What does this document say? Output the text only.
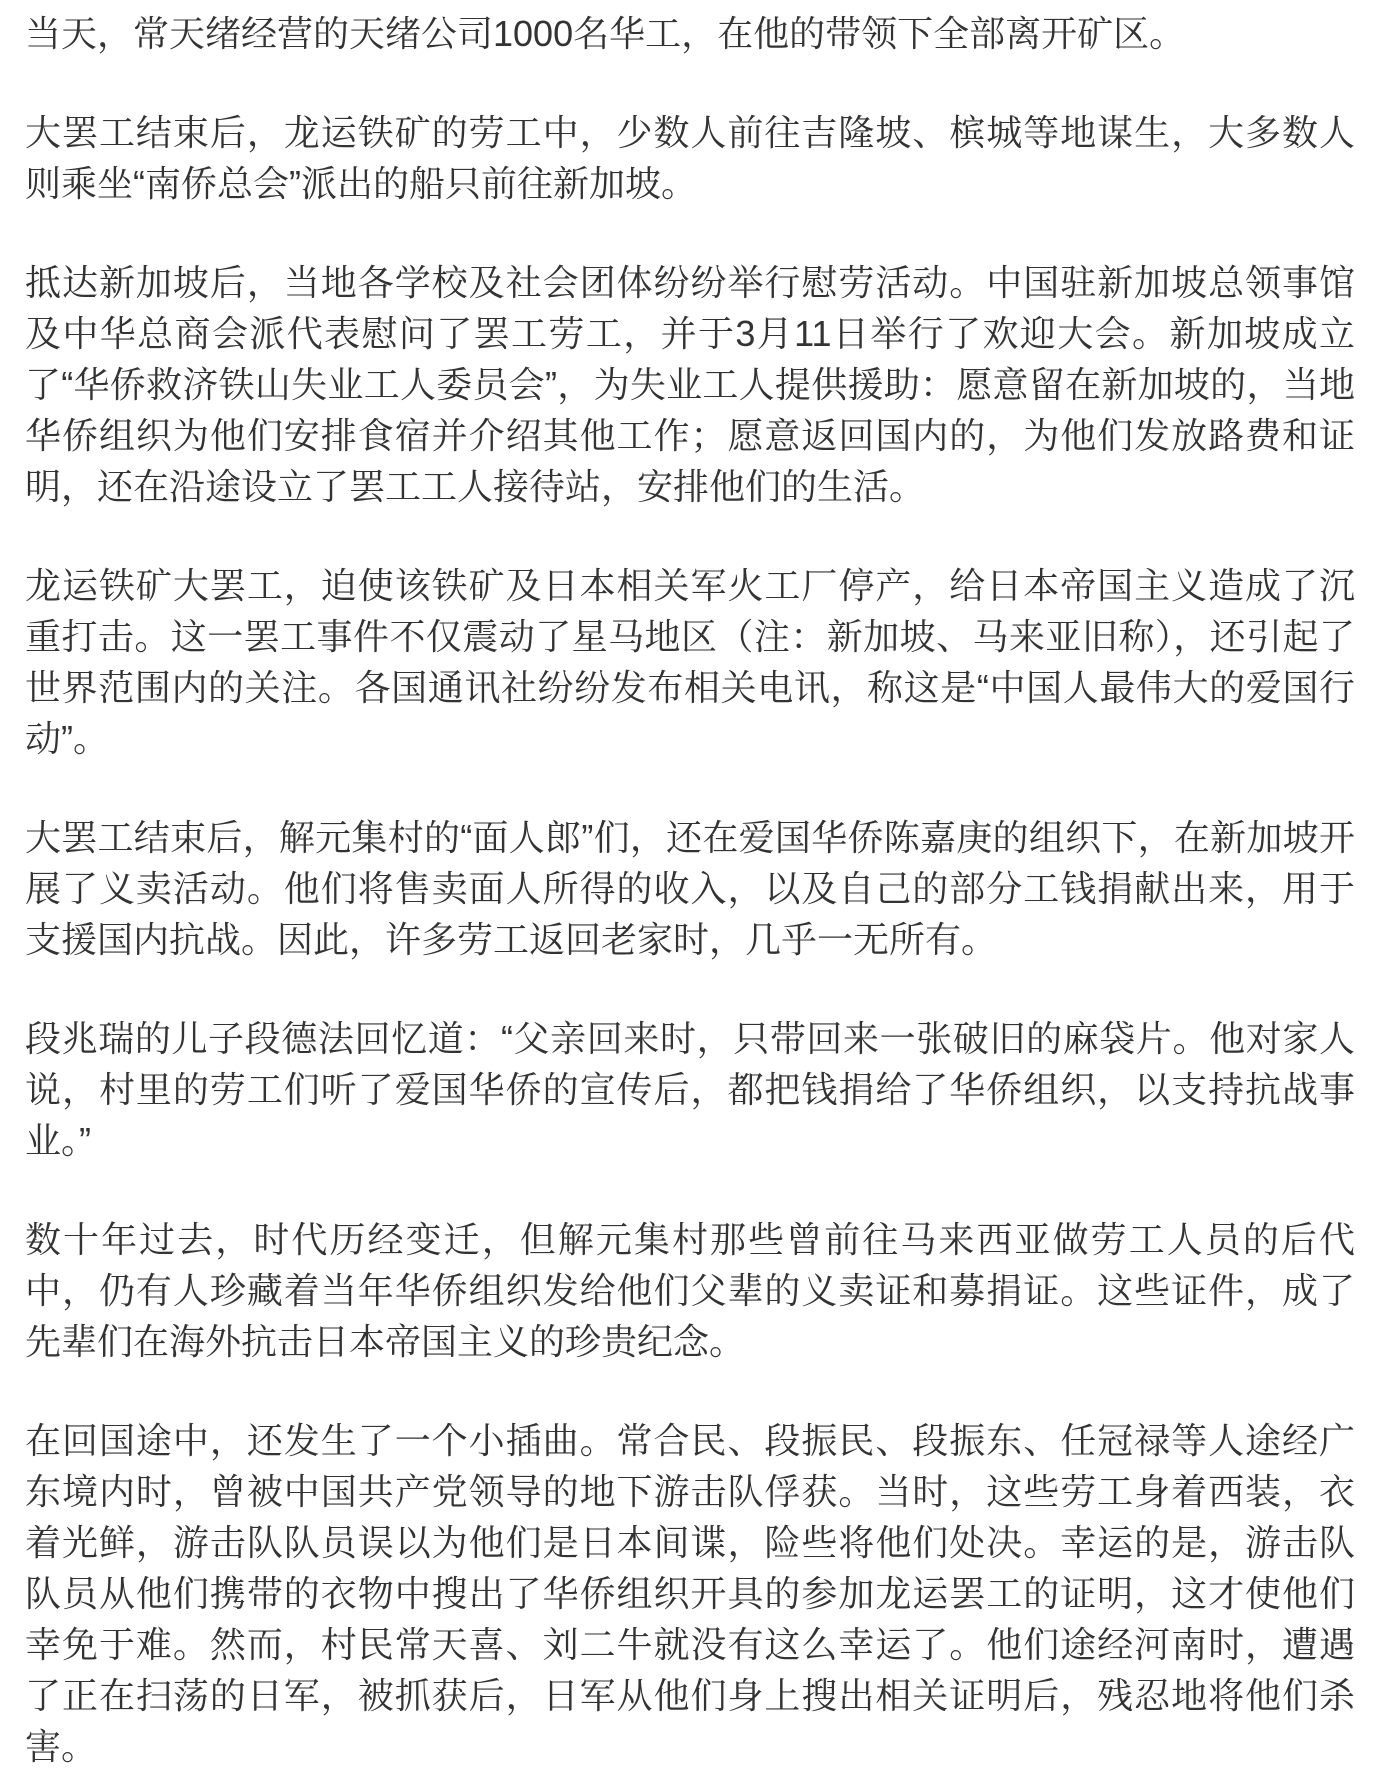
当天，常天绪经营的天绪公司1000名华工，在他的带领下全部离开矿区。

大罢工结束后，龙运铁矿的劳工中，少数人前往吉隆坡、槟城等地谋生，大多数人则乘坐“南侨总会”派出的船只前往新加坡。

抵达新加坡后，当地各学校及社会团体纷纷举行慰劳活动。中国驻新加坡总领事馆及中华总商会派代表慰问了罢工劳工，并于3月11日举行了欢迎大会。新加坡成立了“华侨救济铁山失业工人委员会”，为失业工人提供援助：愿意留在新加坡的，当地华侨组织为他们安排食宿并介绍其他工作；愿意返回国内的，为他们发放路费和证明，还在沿途设立了罢工工人接待站，安排他们的生活。

龙运铁矿大罢工，迫使该铁矿及日本相关军火工厂停产，给日本帝国主义造成了沉重打击。这一罢工事件不仅震动了星马地区（注：新加坡、马来亚旧称），还引起了世界范围内的关注。各国通讯社纷纷发布相关电讯，称这是“中国人最伟大的爱国行动”。

大罢工结束后，解元集村的“面人郎”们，还在爱国华侨陈嘉庚的组织下，在新加坡开展了义卖活动。他们将售卖面人所得的收入，以及自己的部分工钱捐献出来，用于支援国内抗战。因此，许多劳工返回老家时，几乎一无所有。

段兆瑞的儿子段德法回忆道：“父亲回来时，只带回来一张破旧的麻袋片。他对家人说，村里的劳工们听了爱国华侨的宣传后，都把钱捐给了华侨组织，以支持抗战事业。”

数十年过去，时代历经变迁，但解元集村那些曾前往马来西亚做劳工人员的后代中，仍有人珍藏着当年华侨组织发给他们父辈的义卖证和募捐证。这些证件，成了先辈们在海外抗击日本帝国主义的珍贵纪念。

在回国途中，还发生了一个小插曲。常合民、段振民、段振东、任冠禄等人途经广东境内时，曾被中国共产党领导的地下游击队俘获。当时，这些劳工身着西装，衣着光鲜，游击队队员误以为他们是日本间谍，险些将他们处决。幸运的是，游击队队员从他们携带的衣物中搜出了华侨组织开具的参加龙运罢工的证明，这才使他们幸免于难。然而，村民常天喜、刘二牛就没有这么幸运了。他们途经河南时，遭遇了正在扫荡的日军，被抓获后，日军从他们身上搜出相关证明后，残忍地将他们杀害。
